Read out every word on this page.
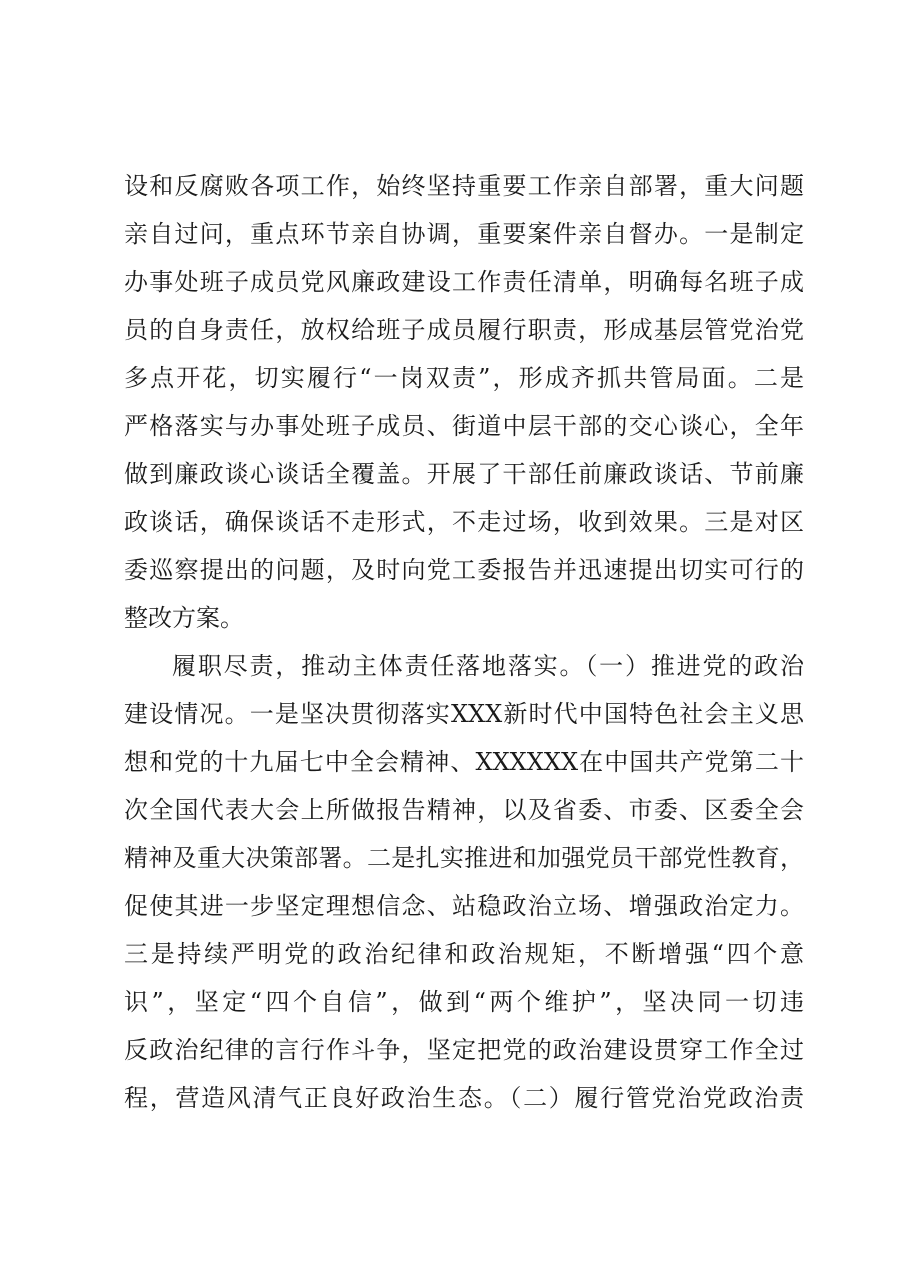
设和反腐败各项工作，始终坚持重要工作亲自部署，重大问题
亲自过问，重点环节亲自协调，重要案件亲自督办。一是制定
办事处班子成员党风廉政建设工作责任清单，明确每名班子成
员的自身责任，放权给班子成员履行职责，形成基层管党治党
多点开花，切实履行“一岗双责”，形成齐抓共管局面。二是
严格落实与办事处班子成员、街道中层干部的交心谈心，全年
做到廉政谈心谈话全覆盖。开展了干部任前廉政谈话、节前廉
政谈话，确保谈话不走形式，不走过场，收到效果。三是对区
委巡察提出的问题，及时向党工委报告并迅速提出切实可行的
整改方案。
履职尽责，推动主体责任落地落实。（一）推进党的政治
建设情况。一是坚决贯彻落实XXX新时代中国特色社会主义思
想和党的十九届七中全会精神、XXXXXX在中国共产党第二十
次全国代表大会上所做报告精神，以及省委、市委、区委全会
精神及重大决策部署。二是扎实推进和加强党员干部党性教育，
促使其进一步坚定理想信念、站稳政治立场、增强政治定力。
三是持续严明党的政治纪律和政治规矩，不断增强“四个意
识”，坚定“四个自信”，做到“两个维护”，坚决同一切违
反政治纪律的言行作斗争，坚定把党的政治建设贯穿工作全过
程，营造风清气正良好政治生态。（二）履行管党治党政治责
